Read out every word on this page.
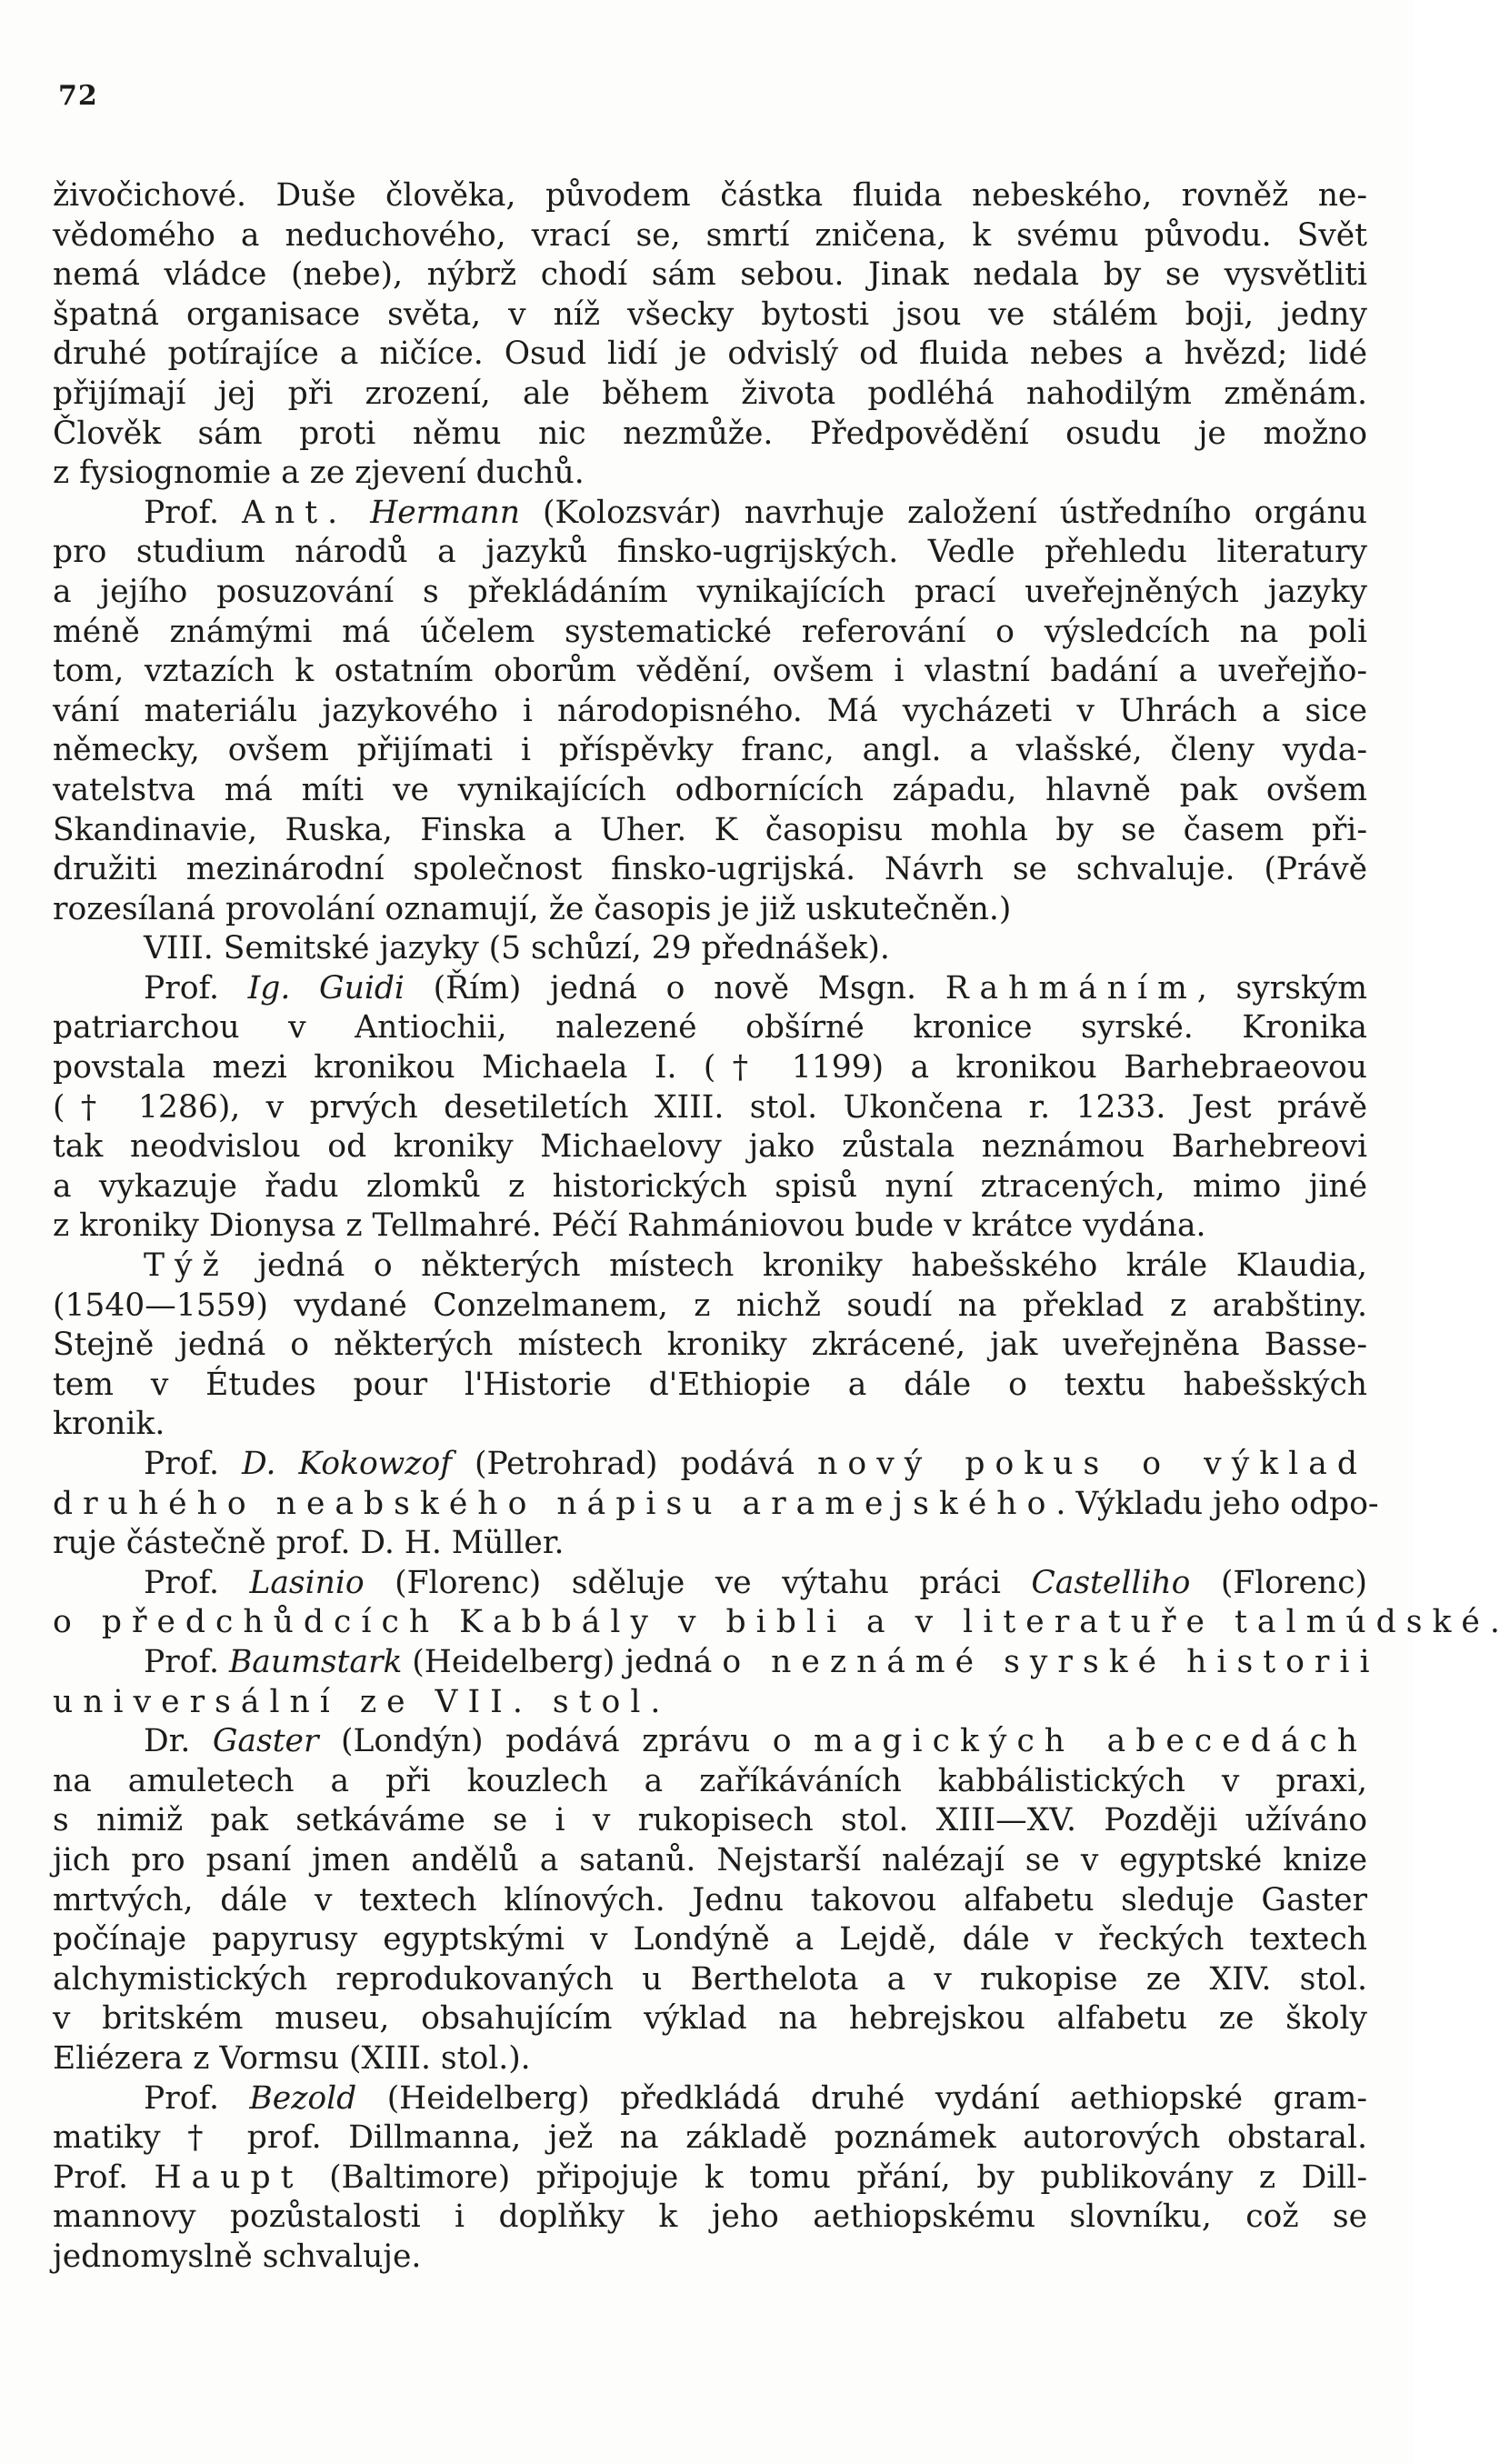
72
živočichové. Duše člověka, původem částka fluida nebeského, rovněž ne-
vědomého a neduchového, vrací se, smrtí zničena, k svému původu. Svět
nemá vládce (nebe), nýbrž chodí sám sebou. Jinak nedala by se vysvětliti
špatná organisace světa, v níž všecky bytosti jsou ve stálém boji, jedny
druhé potírajíce a ničíce. Osud lidí je odvislý od fluida nebes a hvězd; lidé
přijímají jej při zrození, ale během života podléhá nahodilým změnám.
Člověk sám proti němu nic nezmůže. Předpovědění osudu je možno
z fysiognomie a ze zjevení duchů.
Prof. Ant. Hermann (Kolozsvár) navrhuje založení ústředního orgánu
pro studium národů a jazyků finsko-ugrijských. Vedle přehledu literatury
a jejího posuzování s překládáním vynikajících prací uveřejněných jazyky
méně známými má účelem systematické referování o výsledcích na poli
tom, vztazích k ostatním oborům vědění, ovšem i vlastní badání a uveřejňo-
vání materiálu jazykového i národopisného. Má vycházeti v Uhrách a sice
německy, ovšem přijímati i příspěvky franc, angl. a vlašské, členy vyda-
vatelstva má míti ve vynikajících odbornících západu, hlavně pak ovšem
Skandinavie, Ruska, Finska a Uher. K časopisu mohla by se časem při-
družiti mezinárodní společnost finsko-ugrijská. Návrh se schvaluje. (Právě
rozesílaná provolání oznamují, že časopis je již uskutečněn.)
VIII. Semitské jazyky (5 schůzí, 29 přednášek).
Prof. Ig. Guidi (Řím) jedná o nově Msgn. Rahmáním, syrským
patriarchou v Antiochii, nalezené obšírné kronice syrské. Kronika
povstala mezi kronikou Michaela I. († 1199) a kronikou Barhebraeovou
(† 1286), v prvých desetiletích XIII. stol. Ukončena r. 1233. Jest právě
tak neodvislou od kroniky Michaelovy jako zůstala neznámou Barhebreovi
a vykazuje řadu zlomků z historických spisů nyní ztracených, mimo jiné
z kroniky Dionysa z Tellmahré. Péčí Rahmániovou bude v krátce vydána.
Týž jedná o některých místech kroniky habešského krále Klaudia,
(1540—1559) vydané Conzelmanem, z nichž soudí na překlad z arabštiny.
Stejně jedná o některých místech kroniky zkrácené, jak uveřejněna Basse-
tem v Études pour l'Historie d'Ethiopie a dále o textu habešských
kronik.
Prof. D. Kokowzof (Petrohrad) podává nový pokus o výklad
druhého neabského nápisu aramejského. Výkladu jeho odpo-
ruje částečně prof. D. H. Müller.
Prof. Lasinio (Florenc) sděluje ve výtahu práci Castelliho (Florenc)
o předchůdcích Kabbály v bibli a v literatuře talmúdské.
Prof. Baumstark (Heidelberg) jedná o neznámé syrské historii
universální ze VII. stol.
Dr. Gaster (Londýn) podává zprávu o magických abecedách
na amuletech a při kouzlech a zaříkáváních kabbálistických v praxi,
s nimiž pak setkáváme se i v rukopisech stol. XIII—XV. Později užíváno
jich pro psaní jmen andělů a satanů. Nejstarší nalézají se v egyptské knize
mrtvých, dále v textech klínových. Jednu takovou alfabetu sleduje Gaster
počínaje papyrusy egyptskými v Londýně a Lejdě, dále v řeckých textech
alchymistických reprodukovaných u Berthelota a v rukopise ze XIV. stol.
v britském museu, obsahujícím výklad na hebrejskou alfabetu ze školy
Eliézera z Vormsu (XIII. stol.).
Prof. Bezold (Heidelberg) předkládá druhé vydání aethiopské gram-
matiky † prof. Dillmanna, jež na základě poznámek autorových obstaral.
Prof. Haupt (Baltimore) připojuje k tomu přání, by publikovány z Dill-
mannovy pozůstalosti i doplňky k jeho aethiopskému slovníku, což se
jednomyslně schvaluje.
